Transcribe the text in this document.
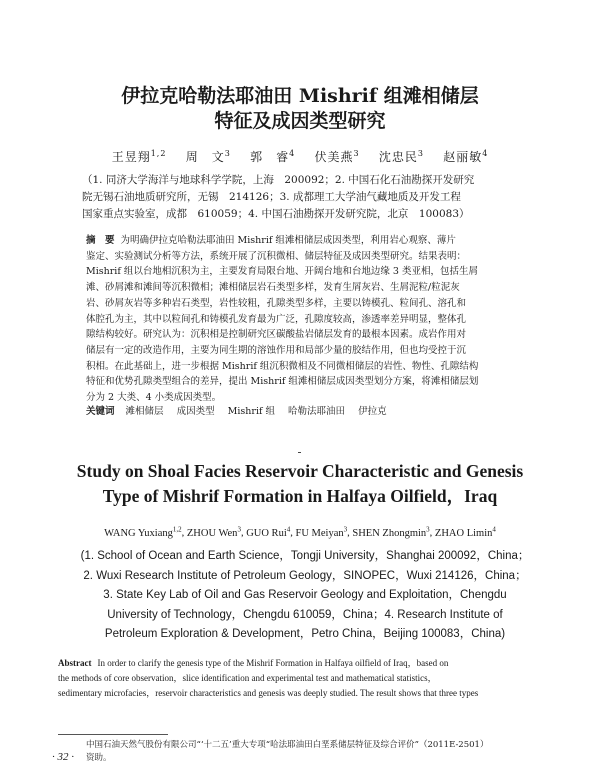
伊拉克哈勒法耶油田 Mishrif 组滩相储层
特征及成因类型研究
王昱翔$^{1,2}$ 周　文$^3$ 郭　睿$^4$ 伏美燕$^3$ 沈忠民$^3$ 赵丽敏$^4$
（1. 同济大学海洋与地球科学学院，上海　200092；2. 中国石化石油勘探开发研究
院无锡石油地质研究所，无锡　214126；3. 成都理工大学油气藏地质及开发工程
国家重点实验室，成都　610059；4. 中国石油勘探开发研究院，北京　100083）
摘　要 为明确伊拉克哈勒法耶油田 Mishrif 组滩相储层成因类型，利用岩心观察、薄片
鉴定、实验测试分析等方法，系统开展了沉积微相、储层特征及成因类型研究。结果表明：
Mishrif 组以台地相沉积为主，主要发育局限台地、开阔台地和台地边缘 3 类亚相，包括生屑
滩、砂屑滩和滩间等沉积微相；滩相储层岩石类型多样，发育生屑灰岩、生屑泥粒/粒泥灰
岩、砂屑灰岩等多种岩石类型，岩性较粗，孔隙类型多样，主要以铸模孔、粒间孔、溶孔和
体腔孔为主，其中以粒间孔和铸模孔发育最为广泛，孔隙度较高，渗透率差异明显，整体孔
隙结构较好。研究认为：沉积相是控制研究区碳酸盐岩储层发育的最根本因素。成岩作用对
储层有一定的改造作用，主要为同生期的溶蚀作用和局部少量的胶结作用，但也均受控于沉
积相。在此基础上，进一步根据 Mishrif 组沉积微相及不同微相储层的岩性、物性、孔隙结构
特征和优势孔隙类型组合的差异，提出 Mishrif 组滩相储层成因类型划分方案，将滩相储层划
分为 2 大类、4 小类成因类型。
关键词 滩相储层 成因类型 Mishrif 组 哈勒法耶油田 伊拉克
Study on Shoal Facies Reservoir Characteristic and Genesis
Type of Mishrif Formation in Halfaya Oilfield，Iraq
WANG Yuxiang$^{1,2}$, ZHOU Wen$^3$, GUO Rui$^4$, FU Meiyan$^3$, SHEN Zhongmin$^3$, ZHAO Limin$^4$
(1. School of Ocean and Earth Science，Tongji University，Shanghai 200092，China；
2. Wuxi Research Institute of Petroleum Geology，SINOPEC，Wuxi 214126，China；
3. State Key Lab of Oil and Gas Reservoir Geology and Exploitation，Chengdu
University of Technology，Chengdu 610059，China；4. Research Institute of
Petroleum Exploration & Development，Petro China，Beijing 100083，China)
Abstract In order to clarify the genesis type of the Mishrif Formation in Halfaya oilfield of Iraq，based on
the methods of core observation，slice identification and experimental test and mathematical statistics，
sedimentary microfacies，reservoir characteristics and genesis was deeply studied. The result shows that three types
中国石油天然气股份有限公司“‘十二五’重大专项“哈法耶油田白垩系储层特征及综合评价”（2011E-2501）
资助。
· 32 ·
